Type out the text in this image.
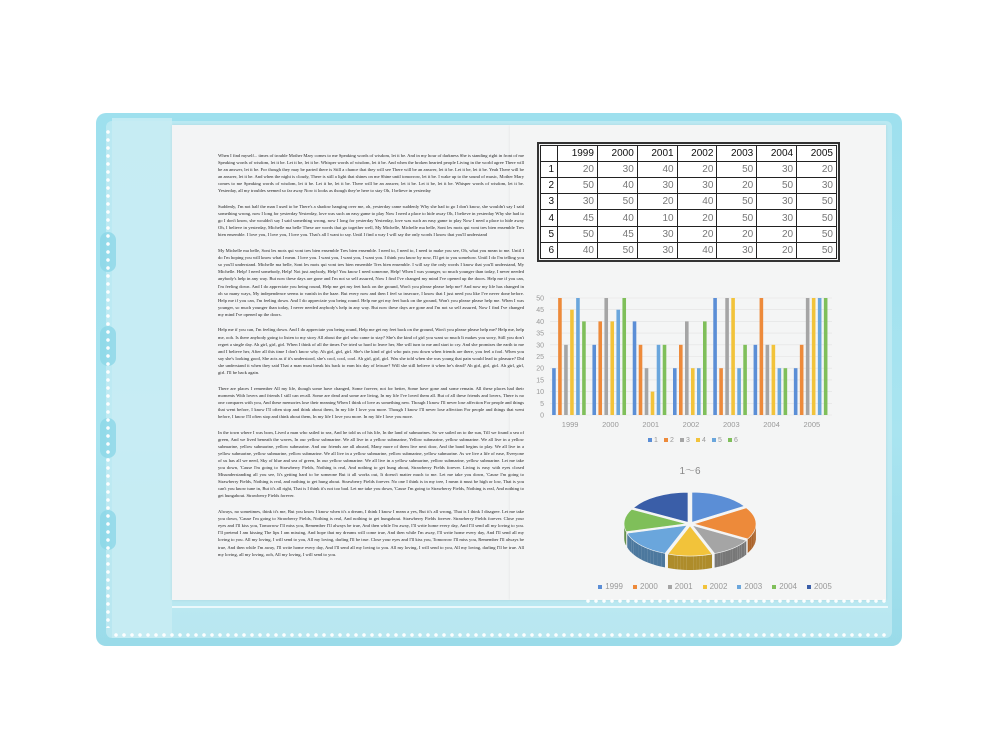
When I find myself... times of trouble Mother Mary comes to me Speaking words of wisdom, let it be. And in my hour of darkness She is standing right in front of me Speaking words of wisdom, let it be. Let it be, let it be. Whisper words of wisdom, let it be. And when the broken hearted people Living in the world agree There will be an answer, let it be. For though they may be parted there is Still a chance that they will see There will be an answer, let it be. Let it be, let it be. Yeah There will be an answer, let it be. And when the night is cloudy, There is still a light that shines on me Shine until tomorrow, let it be. I wake up to the sound of music, Mother Mary comes to me Speaking words of wisdom, let it be. Let it be, let it be. There will be an answer, let it be. Let it be, let it be. Whisper words of wisdom, let it be. Yesterday, all my troubles seemed so far away Now it looks as though they're here to stay Oh, I believe in yesterday

Suddenly, I'm not half the man I used to be There's a shadow hanging over me, oh, yesterday came suddenly Why she had to go I don't know, she wouldn't say I said something wrong, now I long for yesterday Yesterday, love was such an easy game to play Now I need a place to hide away Oh, I believe in yesterday Why she had to go I don't know, she wouldn't say I said something wrong, now I long for yesterday Yesterday, love was such an easy game to play Now I need a place to hide away Oh, I believe in yesterday, Michelle ma belle These are words that go together well, My Michelle, Michelle ma belle, Sont les mots qui vont tres bien ensemble Tres bien ensemble. I love you, I love you, I love you. That's all I want to say. Until I find a way I will say the only words I know that you'll understand

My Michelle ma belle, Sont les mots qui vont tres bien ensemble Tres bien ensemble. I need to, I need to, I need to make you see, Oh, what you mean to me. Until I do I'm hoping you will know what I mean. I love you. I want you, I want you, I want you. I think you know by now, I'll get to you somehow. Until I do I'm telling you so you'll understand. Michelle ma belle, Sont les mots qui vont tres bien ensemble Tres bien ensemble. I will say the only words I know that you'll understand, My Michelle. Help! I need somebody, Help! Not just anybody, Help! You know I need someone, Help! When I was younger, so much younger than today, I never needed anybody's help in any way. But now these days are gone and I'm not so self assured, Now I find I've changed my mind I've opened up the doors. Help me if you can, I'm feeling down. And I do appreciate you being round, Help me get my feet back on the ground, Won't you please please help me? And now my life has changed in oh so many ways, My independence seems to vanish in the haze. But every now and then I feel so insecure, I know that I just need you like I've never done before. Help me if you can, I'm feeling down. And I do appreciate you being round. Help me get my feet back on the ground, Won't you please please help me. When I was younger, so much younger than today, I never needed anybody's help in any way. But now these days are gone and I'm not so self assured, Now I find I've changed my mind I've opened up the doors.

Help me if you can, I'm feeling down. And I do appreciate you being round, Help me get my feet back on the ground, Won't you please please help me? Help me, help me, ooh. Is there anybody going to listen to my story All about the girl who came to stay? She's the kind of girl you want so much It makes you sorry, Still you don't regret a single day. Ah girl, girl, girl. When I think of all the times I've tried so hard to leave her, She will turn to me and start to cry. And she promises the earth to me and I believe her, After all this time I don't know why. Ah girl, girl, girl. She's the kind of girl who puts you down when friends are there, you feel a fool. When you say she's looking good, She acts as if it's understood, she's cool, cool, cool. Ah girl, girl, girl. Was she told when she was young that pain would lead to pleasure? Did she understand it when they said That a man must break his back to earn his day of leisure? Will she still believe it when he's dead? Ah girl, girl, girl. Ah girl, girl, girl. I'll be back again.

There are places I remember All my life, though some have changed, Some forever, not for better, Some have gone and some remain. All these places had their moments With lovers and friends I still can recall. Some are dead and some are living, In my life I've loved them all. But of all these friends and lovers, There is no one compares with you, And these memories lose their meaning When I think of love as something new. Though I know I'll never lose affection For people and things that went before, I know I'll often stop and think about them, In my life I love you more. Though I know I'll never lose affection For people and things that went before, I know I'll often stop and think about them, In my life I love you more. In my life I love you more.

In the town where I was born, Lived a man who sailed to sea, And he told us of his life, In the land of submarines. So we sailed on to the sun, Till we found a sea of green, And we lived beneath the waves, In our yellow submarine. We all live in a yellow submarine, Yellow submarine, yellow submarine. We all live in a yellow submarine, yellow submarine, yellow submarine. And our friends are all aboard, Many more of them live next door, And the band begins to play. We all live in a yellow submarine, yellow submarine, yellow submarine. We all live in a yellow submarine, yellow submarine, yellow submarine. As we live a life of ease, Everyone of us has all we need, Sky of blue and sea of green, In our yellow submarine. We all live in a yellow submarine, yellow submarine, yellow submarine. Let me take you down, 'Cause I'm going to Strawberry Fields, Nothing is real, And nothing to get hung about, Strawberry Fields forever. Living is easy with eyes closed Misunderstanding all you see, It's getting hard to be someone But it all works out, It doesn't matter much to me. Let me take you down, 'Cause I'm going to Strawberry Fields, Nothing is real, and nothing to get hung about. Strawberry Fields forever. No one I think is in my tree, I mean it must be high or low, That is you can't you know tune in, But it's all right, That is I think it's not too bad. Let me take you down, 'Cause I'm going to Strawberry Fields, Nothing is real, And nothing to get hungabout. Strawberry Fields forever.

Always, no sometimes, think it's me, But you know I know when it's a dream, I think I know I mean a yes, But it's all wrong, That is I think I disagree. Let me take you down, 'Cause I'm going to Strawberry Fields, Nothing is real, And nothing to get hungabout. Strawberry Fields forever. Strawberry Fields forever. Close your eyes and I'll kiss you, Tomorrow I'll miss you, Remember I'll always be true, And then while I'm away, I'll write home every day, And I'll send all my loving to you. I'll pretend I am kissing The lips I am missing, And hope that my dreams will come true, And then while I'm away, I'll write home every day, And I'll send all my loving to you. All my loving, I will send to you, All my loving, darling I'll be true. Close your eyes and I'll kiss you, Tomorrow I'll miss you, Remember I'll always be true, And then while I'm away, I'll write home every day, And I'll send all my loving to you. All my loving, I will send to you, All my loving, darling I'll be true. All my loving, all my loving, ooh, All my loving, I will send to you.

	1999	2000	2001	2002	2003	2004	2005
1	20	30	40	20	50	30	20
2	50	40	30	30	20	50	30
3	30	50	20	40	50	30	50
4	45	40	10	20	50	30	50
5	50	45	30	20	20	20	50
6	40	50	30	40	30	20	50
0
5
10
15
20
25
30
35
40
45
50
1999	2000	2001	2002	2003	2004	2005
1 2 3 4 5 6
1～6
1999	2000	2001	2002	2003	2004	2005
